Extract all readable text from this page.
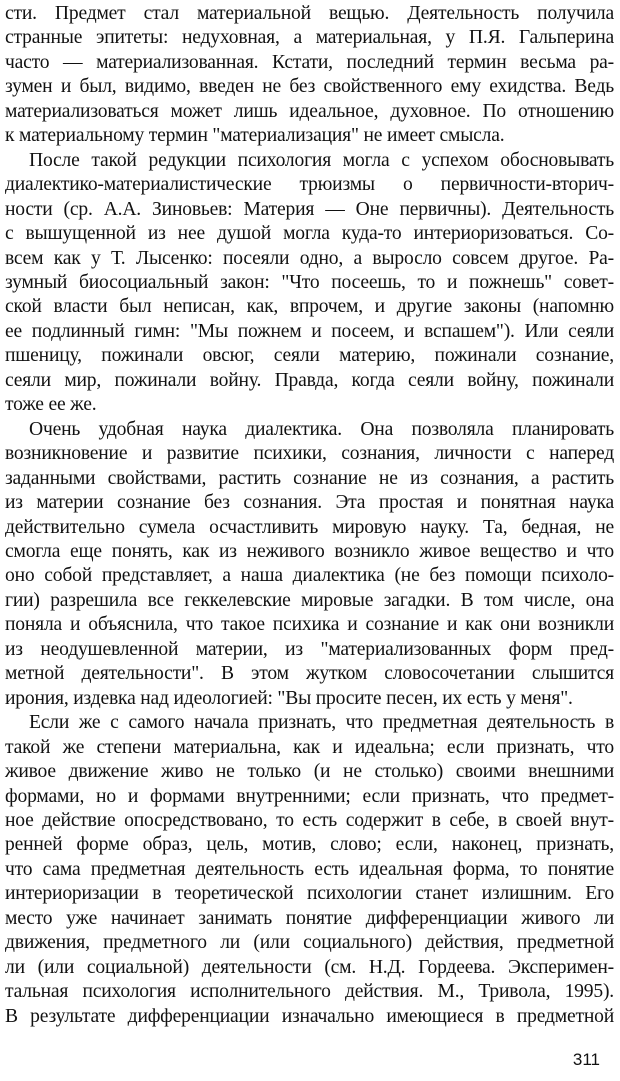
сти. Предмет стал материальной вещью. Деятельность получила
странные эпитеты: недуховная, а материальная, у П.Я. Гальперина
часто — материализованная. Кстати, последний термин весьма ра-
зумен и был, видимо, введен не без свойственного ему ехидства. Ведь
материализоваться может лишь идеальное, духовное. По отношению
к материальному термин "материализация" не имеет смысла.
После такой редукции психология могла с успехом обосновывать
диалектико-материалистические трюизмы о первичности-вторич-
ности (ср. А.А. Зиновьев: Материя — Оне первичны). Деятельность
с вышущенной из нее душой могла куда-то интериоризоваться. Со-
всем как у Т. Лысенко: посеяли одно, а выросло совсем другое. Ра-
зумный биосоциальный закон: "Что посеешь, то и пожнешь" совет-
ской власти был неписан, как, впрочем, и другие законы (напомню
ее подлинный гимн: "Мы пожнем и посеем, и вспашем"). Или сеяли
пшеницу, пожинали овсюг, сеяли материю, пожинали сознание,
сеяли мир, пожинали войну. Правда, когда сеяли войну, пожинали
тоже ее же.
Очень удобная наука диалектика. Она позволяла планировать
возникновение и развитие психики, сознания, личности с наперед
заданными свойствами, растить сознание не из сознания, а растить
из материи сознание без сознания. Эта простая и понятная наука
действительно сумела осчастливить мировую науку. Та, бедная, не
смогла еще понять, как из неживого возникло живое вещество и что
оно собой представляет, а наша диалектика (не без помощи психоло-
гии) разрешила все геккелевские мировые загадки. В том числе, она
поняла и объяснила, что такое психика и сознание и как они возникли
из неодушевленной материи, из "материализованных форм пред-
метной деятельности". В этом жутком словосочетании слышится
ирония, издевка над идеологией: "Вы просите песен, их есть у меня".
Если же с самого начала признать, что предметная деятельность в
такой же степени материальна, как и идеальна; если признать, что
живое движение живо не только (и не столько) своими внешними
формами, но и формами внутренними; если признать, что предмет-
ное действие опосредствовано, то есть содержит в себе, в своей внут-
ренней форме образ, цель, мотив, слово; если, наконец, признать,
что сама предметная деятельность есть идеальная форма, то понятие
интериоризации в теоретической психологии станет излишним. Его
место уже начинает занимать понятие дифференциации живого ли
движения, предметного ли (или социального) действия, предметной
ли (или социальной) деятельности (см. Н.Д. Гордеева. Эксперимен-
тальная психология исполнительного действия. М., Тривола, 1995).
В результате дифференциации изначально имеющиеся в предметной
311
